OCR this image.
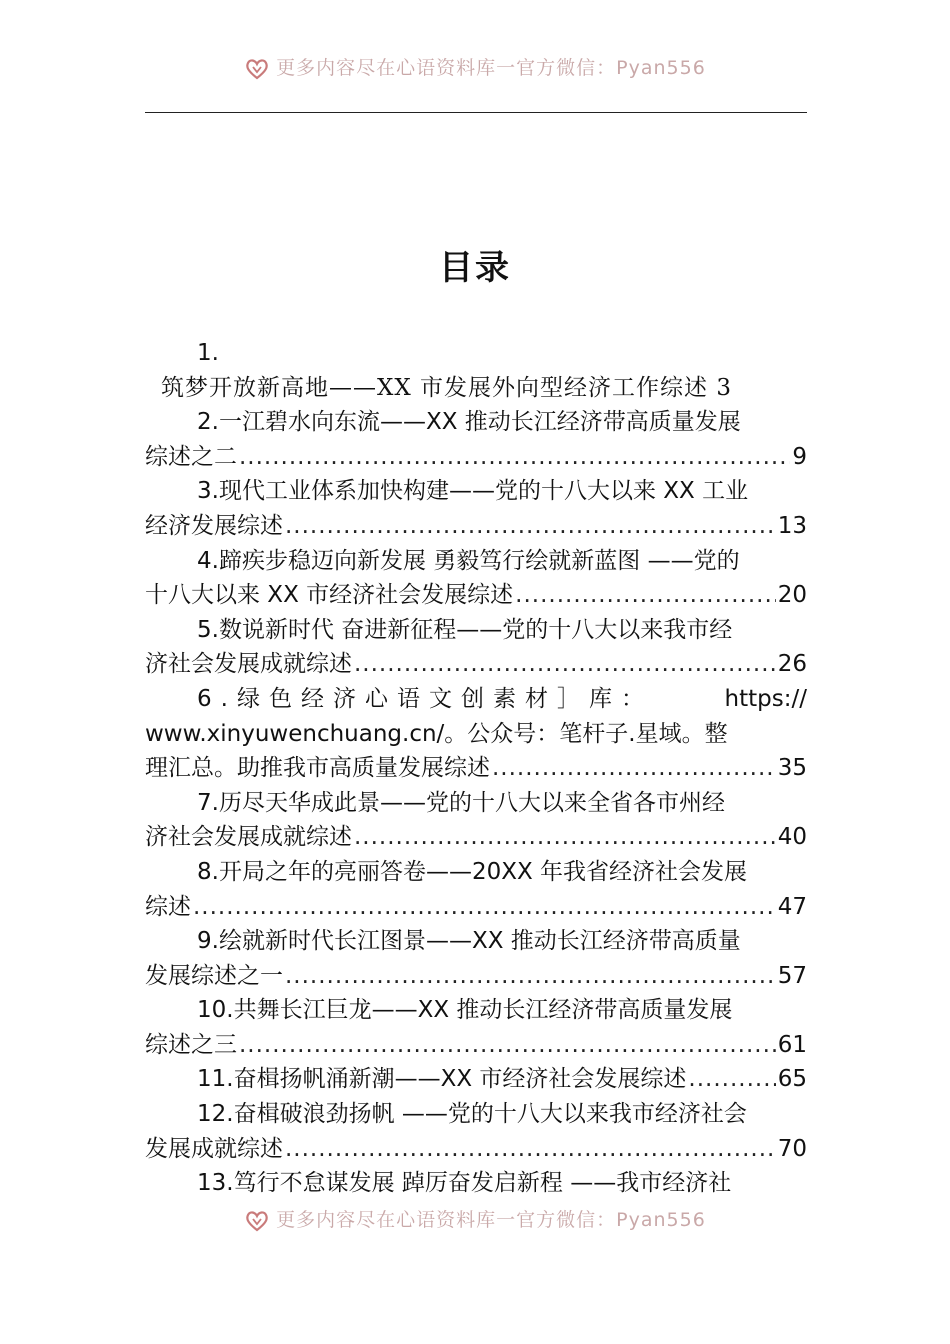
更多内容尽在心语资料库一官方微信：Pyan556
目录
1.
筑梦开放新高地——XX 市发展外向型经济工作综述 3
2.一江碧水向东流——XX 推动长江经济带高质量发展
综述之二 .....	9
3.现代工业体系加快构建——党的十八大以来 XX 工业
经济发展综述 .....	13
4.蹄疾步稳迈向新发展 勇毅笃行绘就新蓝图 ——党的
十八大以来 XX 市经济社会发展综述 .....	20
5.数说新时代 奋进新征程——党的十八大以来我市经
济社会发展成就综述 .....	26
6.绿色经济心语文创素材］库：	https://
www.xinyuwenchuang.cn/。公众号：笔杆子.星域。整
理汇总。助推我市高质量发展综述 .....	35
7.历尽天华成此景——党的十八大以来全省各市州经
济社会发展成就综述 .....	40
8.开局之年的亮丽答卷——20XX 年我省经济社会发展
综述 .....	47
9.绘就新时代长江图景——XX 推动长江经济带高质量
发展综述之一 .....	57
10.共舞长江巨龙——XX 推动长江经济带高质量发展
综述之三 .....	61
11.奋楫扬帆涌新潮——XX 市经济社会发展综述 .....	65
12.奋楫破浪劲扬帆 ——党的十八大以来我市经济社会
发展成就综述 .....	70
13.笃行不怠谋发展 踔厉奋发启新程 ——我市经济社
更多内容尽在心语资料库一官方微信：Pyan556
